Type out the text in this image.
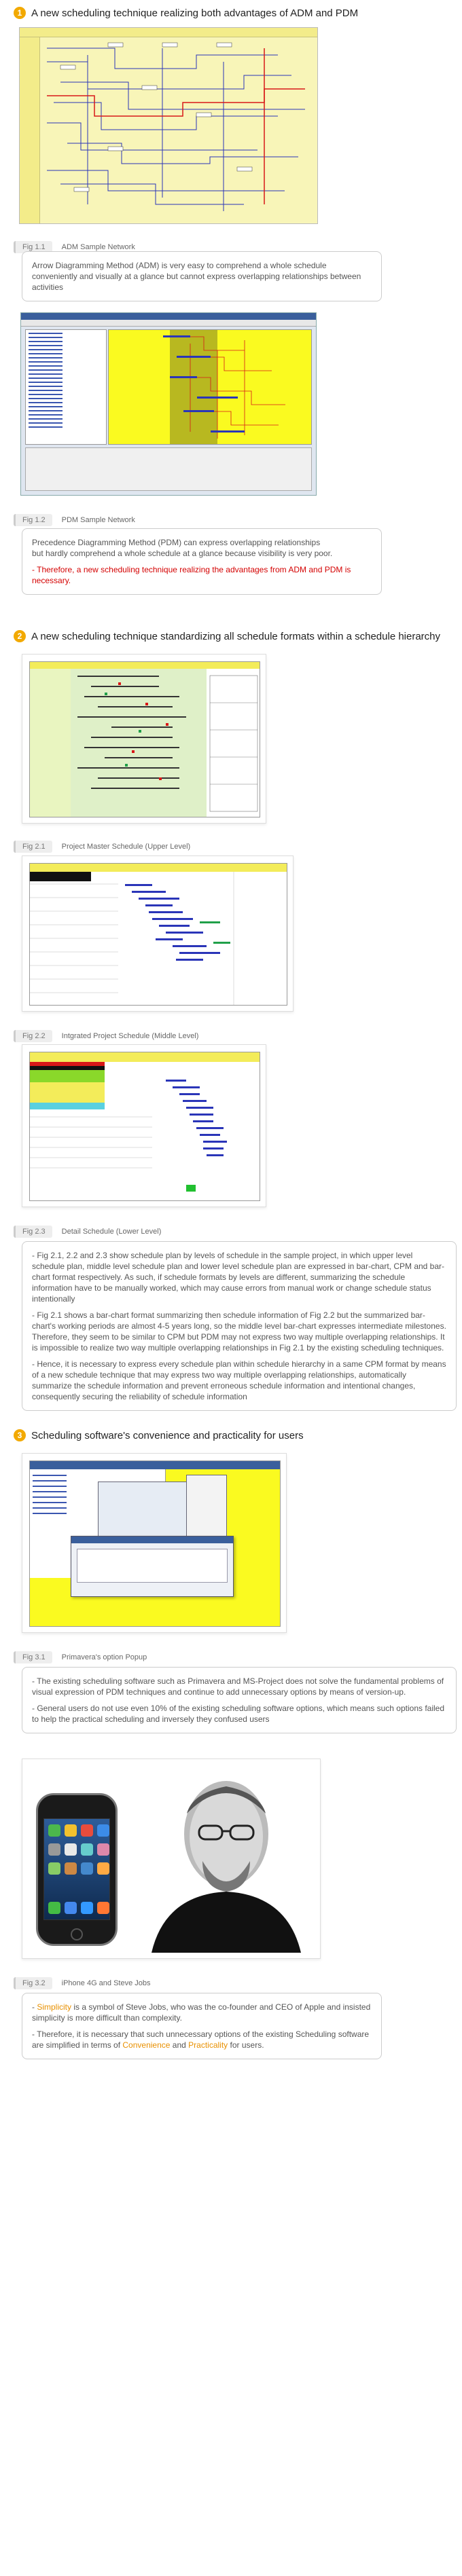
1 A new scheduling technique realizing both advantages of ADM and PDM
Fig 1.1	ADM Sample Network

Arrow Diagramming Method (ADM) is very easy to comprehend a whole schedule conveniently and visually at a glance but cannot express overlapping relationships between activities

Fig 1.2	PDM Sample Network

Precedence Diagramming Method (PDM) can express overlapping relationships
but hardly comprehend a whole schedule at a glance because visibility is very poor.

- Therefore, a new scheduling technique realizing the advantages from ADM and PDM is necessary.

2 A new scheduling technique standardizing all schedule formats within a schedule hierarchy
Fig 2.1	Project Master Schedule (Upper Level)
Fig 2.2	Intgrated Project Schedule (Middle Level)
Fig 2.3	Detail Schedule (Lower Level)

- Fig 2.1, 2.2 and 2.3 show schedule plan by levels of schedule in the sample project, in which upper level schedule plan, middle level schedule plan and lower level schedule plan are expressed in bar-chart, CPM and bar-chart format respectively. As such, if schedule formats by levels are different, summarizing the schedule information have to be manually worked, which may cause errors from manual work or change schedule status intentionally

- Fig 2.1 shows a bar-chart format summarizing then schedule information of Fig 2.2 but the summarized bar-chart's working periods are almost 4-5 years long, so the middle level bar-chart expresses intermediate milestones. Therefore, they seem to be similar to CPM but PDM may not express two way multiple overlapping relationships. It is impossible to realize two way multiple overlapping relationships in Fig 2.1 by the existing scheduling techniques.

- Hence, it is necessary to express every schedule plan within schedule hierarchy in a same CPM format by means of a new schedule technique that may express two way multiple overlapping relationships, automatically summarize the schedule information and prevent erroneous schedule information and intentional changes, consequently securing the reliability of schedule information

3 Scheduling software's convenience and practicality for users
Fig 3.1	Primavera's option Popup

- The existing scheduling software such as Primavera and MS-Project does not solve the fundamental problems of visual expression of PDM techniques and continue to add unnecessary options by means of version-up.

- General users do not use even 10% of the existing scheduling software options, which means such options failed to help the practical scheduling and inversely they confused users

Fig 3.2	iPhone 4G and Steve Jobs

- Simplicity is a symbol of Steve Jobs, who was the co-founder and CEO of Apple and insisted simplicity is more difficult than complexity.

- Therefore, it is necessary that such unnecessary options of the existing Scheduling software are simplified in terms of Convenience and Practicality for users.
